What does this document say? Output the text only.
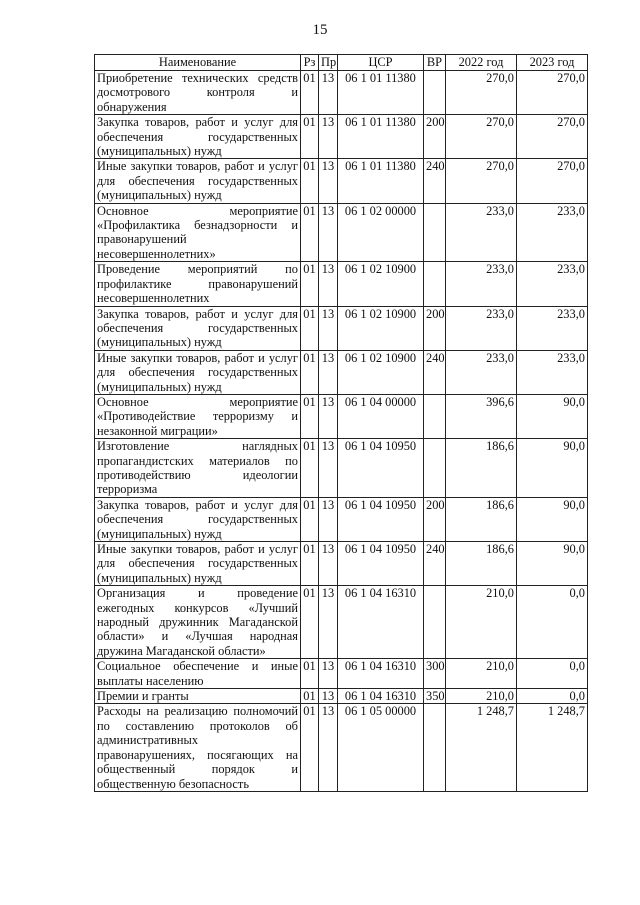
15
Наименование	Рз	Пр	ЦСР	ВР	2022 год	2023 год
Приобретение технических средств досмотрового контроля и обнаружения	01	13	06 1 01 11380		270,0	270,0
Закупка товаров, работ и услуг для обеспечения государственных (муниципальных) нужд	01	13	06 1 01 11380	200	270,0	270,0
Иные закупки товаров, работ и услуг для обеспечения государственных (муниципальных) нужд	01	13	06 1 01 11380	240	270,0	270,0
Основное мероприятие «Профилактика безнадзорности и правонарушений несовершеннолетних»	01	13	06 1 02 00000		233,0	233,0
Проведение мероприятий по профилактике правонарушений несовершеннолетних	01	13	06 1 02 10900		233,0	233,0
Закупка товаров, работ и услуг для обеспечения государственных (муниципальных) нужд	01	13	06 1 02 10900	200	233,0	233,0
Иные закупки товаров, работ и услуг для обеспечения государственных (муниципальных) нужд	01	13	06 1 02 10900	240	233,0	233,0
Основное мероприятие «Противодействие терроризму и незаконной миграции»	01	13	06 1 04 00000		396,6	90,0
Изготовление наглядных пропагандистских материалов по противодействию идеологии терроризма	01	13	06 1 04 10950		186,6	90,0
Закупка товаров, работ и услуг для обеспечения государственных (муниципальных) нужд	01	13	06 1 04 10950	200	186,6	90,0
Иные закупки товаров, работ и услуг для обеспечения государственных (муниципальных) нужд	01	13	06 1 04 10950	240	186,6	90,0
Организация и проведение ежегодных конкурсов «Лучший народный дружинник Магаданской области» и «Лучшая народная дружина Магаданской области»	01	13	06 1 04 16310		210,0	0,0
Социальное обеспечение и иные выплаты населению	01	13	06 1 04 16310	300	210,0	0,0
Премии и гранты	01	13	06 1 04 16310	350	210,0	0,0
Расходы на реализацию полномочий по составлению протоколов об административных правонарушениях, посягающих на общественный порядок и общественную безопасность	01	13	06 1 05 00000		1 248,7	1 248,7
